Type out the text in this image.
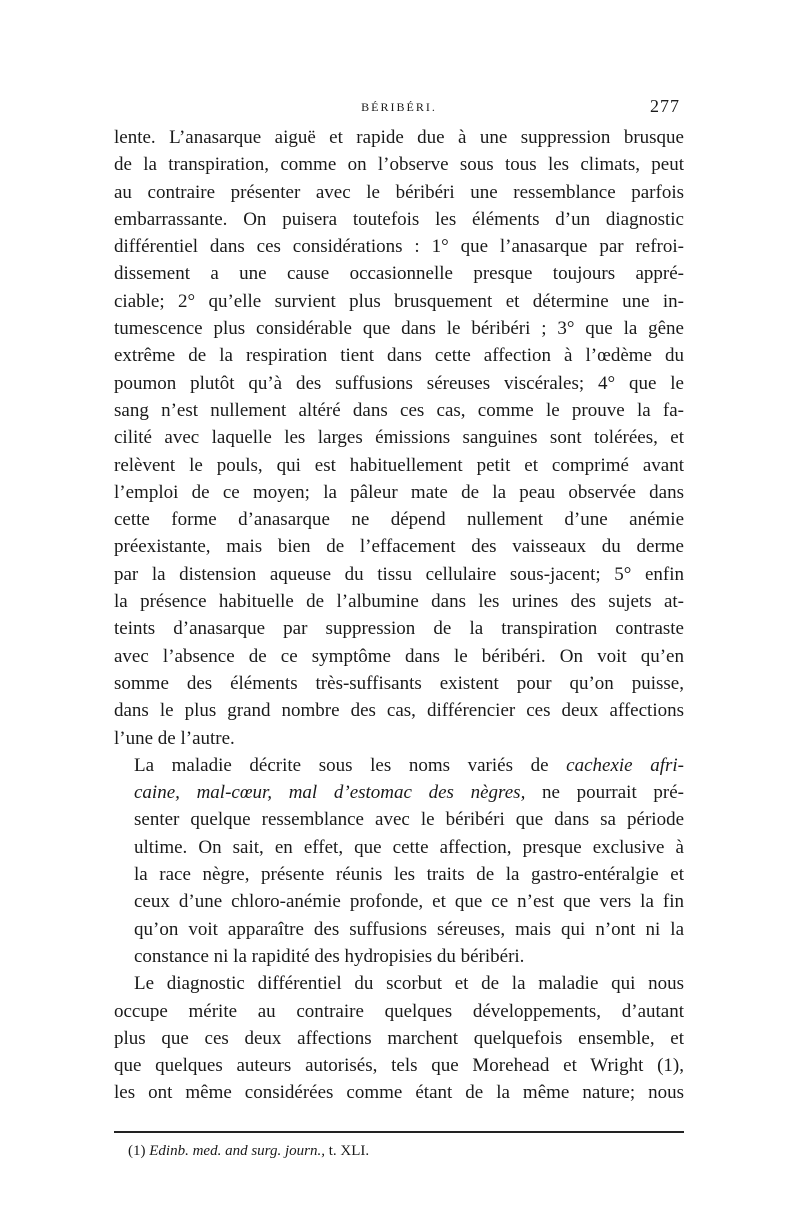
BÉRIBÉRI.	277

lente. L’anasarque aiguë et rapide due à une suppression brusque
de la transpiration, comme on l’observe sous tous les climats, peut
au contraire présenter avec le béribéri une ressemblance parfois
embarrassante. On puisera toutefois les éléments d’un diagnostic
différentiel dans ces considérations : 1° que l’anasarque par refroi-
dissement a une cause occasionnelle presque toujours appré-
ciable; 2° qu’elle survient plus brusquement et détermine une in-
tumescence plus considérable que dans le béribéri ; 3° que la gêne
extrême de la respiration tient dans cette affection à l’œdème du
poumon plutôt qu’à des suffusions séreuses viscérales; 4° que le
sang n’est nullement altéré dans ces cas, comme le prouve la fa-
cilité avec laquelle les larges émissions sanguines sont tolérées, et
relèvent le pouls, qui est habituellement petit et comprimé avant
l’emploi de ce moyen; la pâleur mate de la peau observée dans
cette forme d’anasarque ne dépend nullement d’une anémie
préexistante, mais bien de l’effacement des vaisseaux du derme
par la distension aqueuse du tissu cellulaire sous-jacent; 5° enfin
la présence habituelle de l’albumine dans les urines des sujets at-
teints d’anasarque par suppression de la transpiration contraste
avec l’absence de ce symptôme dans le béribéri. On voit qu’en
somme des éléments très-suffisants existent pour qu’on puisse,
dans le plus grand nombre des cas, différencier ces deux affections
l’une de l’autre.

La maladie décrite sous les noms variés de cachexie afri-
caine, mal-cœur, mal d’estomac des nègres, ne pourrait pré-
senter quelque ressemblance avec le béribéri que dans sa période
ultime. On sait, en effet, que cette affection, presque exclusive à
la race nègre, présente réunis les traits de la gastro-entéralgie et
ceux d’une chloro-anémie profonde, et que ce n’est que vers la fin
qu’on voit apparaître des suffusions séreuses, mais qui n’ont ni la
constance ni la rapidité des hydropisies du béribéri.

Le diagnostic différentiel du scorbut et de la maladie qui nous
occupe mérite au contraire quelques développements, d’autant
plus que ces deux affections marchent quelquefois ensemble, et
que quelques auteurs autorisés, tels que Morehead et Wright (1),
les ont même considérées comme étant de la même nature; nous

(1) Edinb. med. and surg. journ., t. XLI.
